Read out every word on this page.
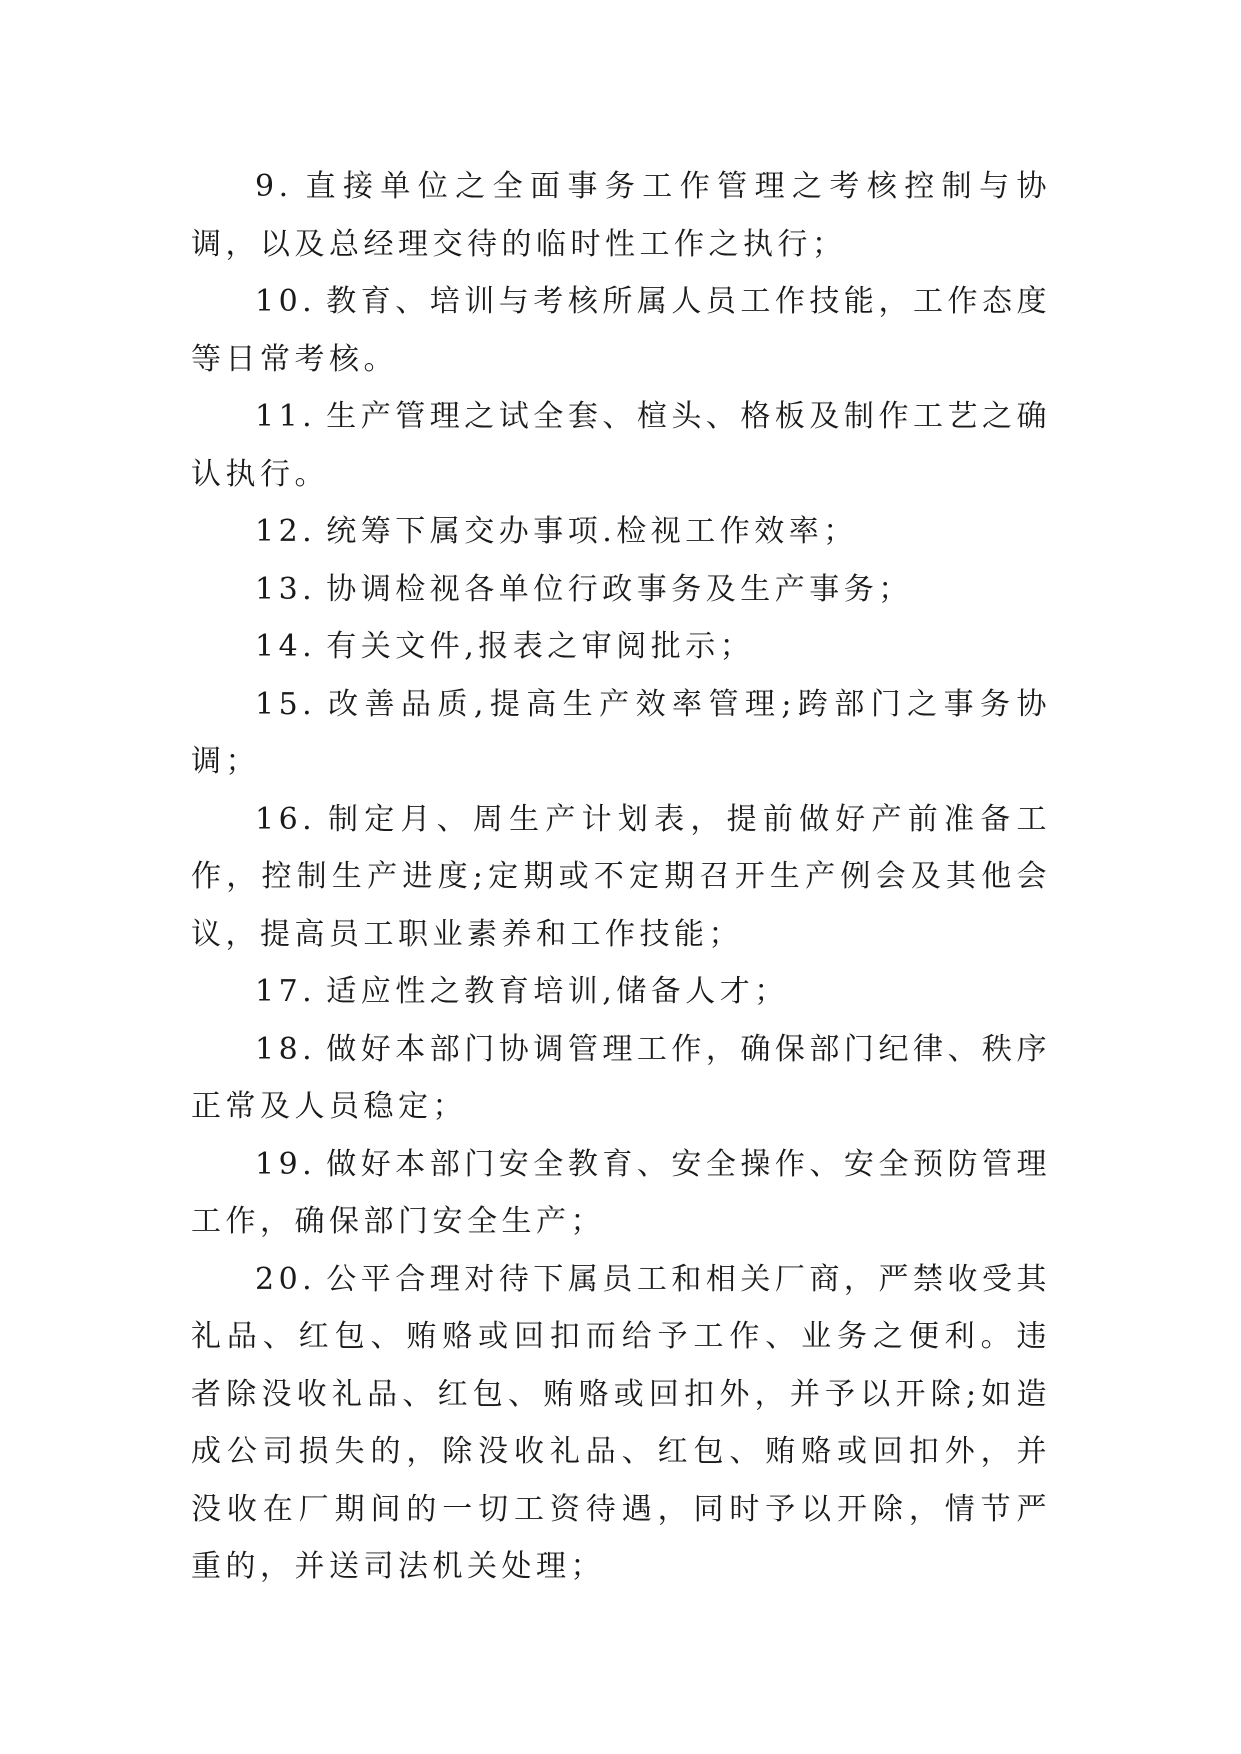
9. 直接单位之全面事务工作管理之考核控制与协调，以及总经理交待的临时性工作之执行；

10. 教育、培训与考核所属人员工作技能，工作态度等日常考核。

11. 生产管理之试全套、楦头、格板及制作工艺之确认执行。

12. 统筹下属交办事项.检视工作效率；

13. 协调检视各单位行政事务及生产事务；

14. 有关文件,报表之审阅批示；

15. 改善品质,提高生产效率管理;跨部门之事务协调；

16. 制定月、周生产计划表，提前做好产前准备工作，控制生产进度;定期或不定期召开生产例会及其他会议，提高员工职业素养和工作技能；

17. 适应性之教育培训,储备人才；

18. 做好本部门协调管理工作，确保部门纪律、秩序正常及人员稳定；

19. 做好本部门安全教育、安全操作、安全预防管理工作，确保部门安全生产；

20. 公平合理对待下属员工和相关厂商，严禁收受其礼品、红包、贿赂或回扣而给予工作、业务之便利。违者除没收礼品、红包、贿赂或回扣外，并予以开除;如造成公司损失的，除没收礼品、红包、贿赂或回扣外，并没收在厂期间的一切工资待遇，同时予以开除，情节严重的，并送司法机关处理；
